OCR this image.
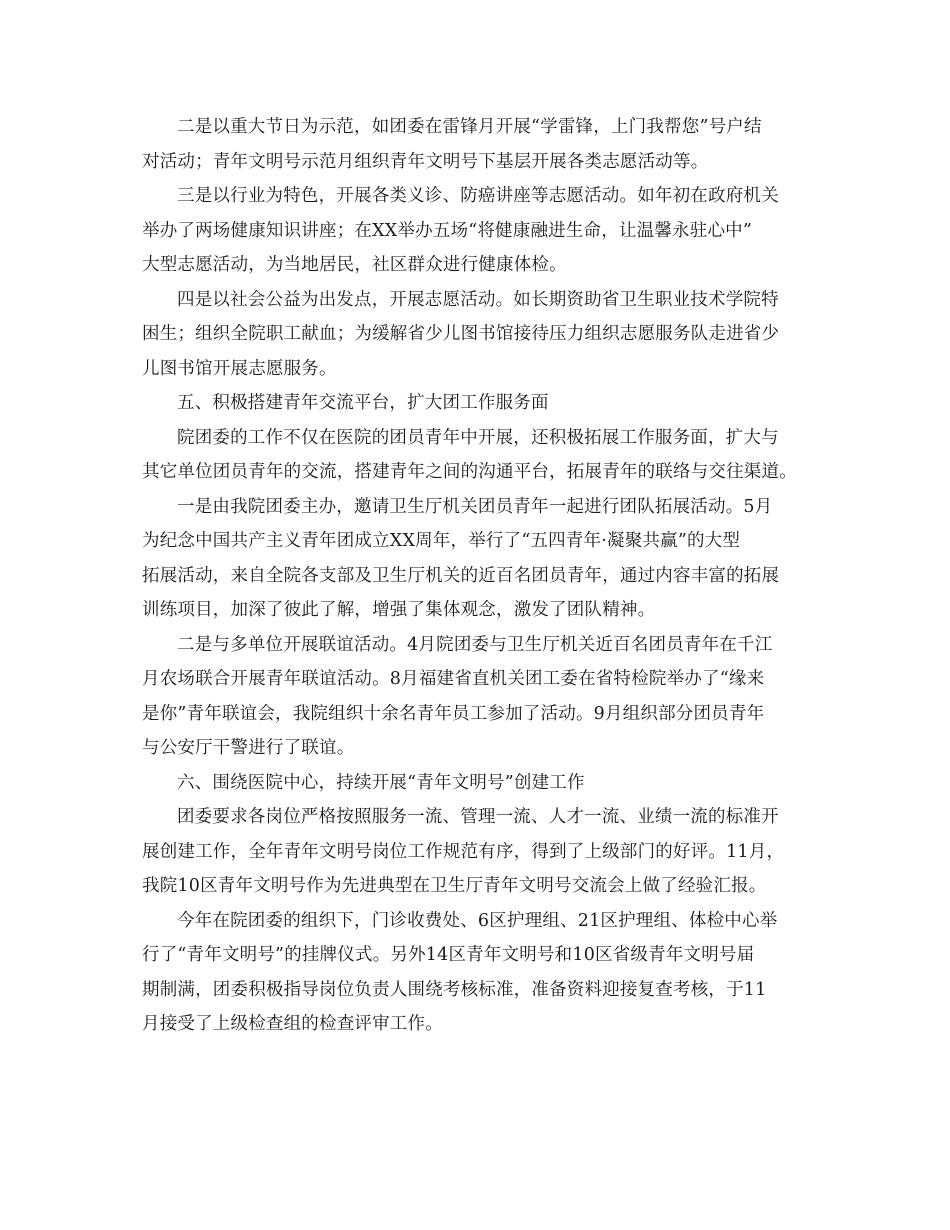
二是以重大节日为示范，如团委在雷锋月开展“学雷锋，上门我帮您”号户结
对活动；青年文明号示范月组织青年文明号下基层开展各类志愿活动等。
三是以行业为特色，开展各类义诊、防癌讲座等志愿活动。如年初在政府机关
举办了两场健康知识讲座；在XX举办五场“将健康融进生命，让温馨永驻心中”
大型志愿活动，为当地居民，社区群众进行健康体检。
四是以社会公益为出发点，开展志愿活动。如长期资助省卫生职业技术学院特
困生；组织全院职工献血；为缓解省少儿图书馆接待压力组织志愿服务队走进省少
儿图书馆开展志愿服务。
五、积极搭建青年交流平台，扩大团工作服务面
院团委的工作不仅在医院的团员青年中开展，还积极拓展工作服务面，扩大与
其它单位团员青年的交流，搭建青年之间的沟通平台，拓展青年的联络与交往渠道。
一是由我院团委主办，邀请卫生厅机关团员青年一起进行团队拓展活动。5月
为纪念中国共产主义青年团成立XX周年，举行了“五四青年·凝聚共赢”的大型
拓展活动，来自全院各支部及卫生厅机关的近百名团员青年，通过内容丰富的拓展
训练项目，加深了彼此了解，增强了集体观念，激发了团队精神。
二是与多单位开展联谊活动。4月院团委与卫生厅机关近百名团员青年在千江
月农场联合开展青年联谊活动。8月福建省直机关团工委在省特检院举办了“缘来
是你”青年联谊会，我院组织十余名青年员工参加了活动。9月组织部分团员青年
与公安厅干警进行了联谊。
六、围绕医院中心，持续开展“青年文明号”创建工作
团委要求各岗位严格按照服务一流、管理一流、人才一流、业绩一流的标准开
展创建工作，全年青年文明号岗位工作规范有序，得到了上级部门的好评。11月，
我院10区青年文明号作为先进典型在卫生厅青年文明号交流会上做了经验汇报。
今年在院团委的组织下，门诊收费处、6区护理组、21区护理组、体检中心举
行了“青年文明号”的挂牌仪式。另外14区青年文明号和10区省级青年文明号届
期制满，团委积极指导岗位负责人围绕考核标准，准备资料迎接复查考核，于11
月接受了上级检查组的检查评审工作。
